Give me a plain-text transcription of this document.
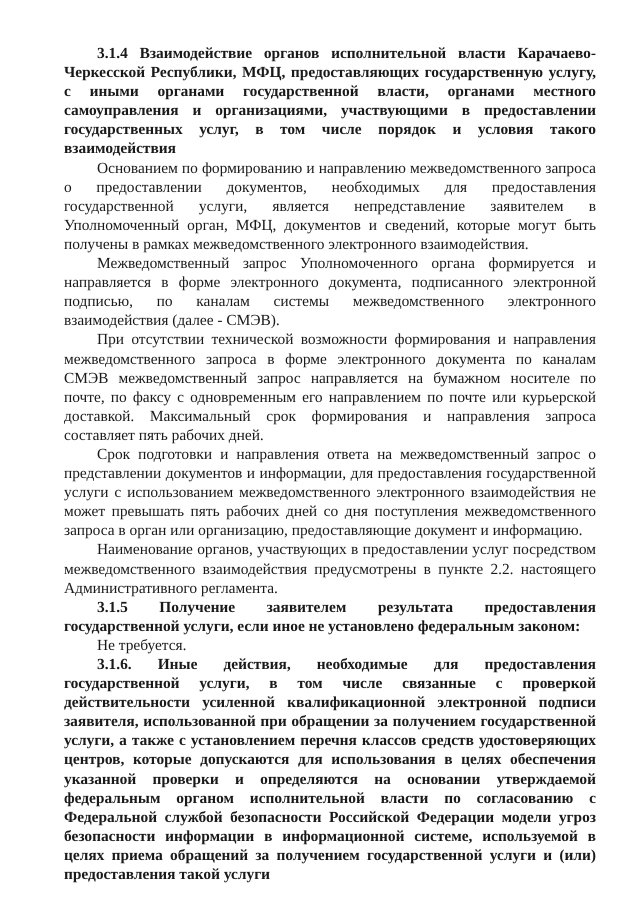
3.1.4 Взаимодействие органов исполнительной власти Карачаево-Черкесской Республики, МФЦ, предоставляющих государственную услугу, с иными органами государственной власти, органами местного самоуправления и организациями, участвующими в предоставлении государственных услуг, в том числе порядок и условия такого взаимодействия

Основанием по формированию и направлению межведомственного запроса о предоставлении документов, необходимых для предоставления государственной услуги, является непредставление заявителем в Уполномоченный орган, МФЦ, документов и сведений, которые могут быть получены в рамках межведомственного электронного взаимодействия.

Межведомственный запрос Уполномоченного органа формируется и направляется в форме электронного документа, подписанного электронной подписью, по каналам системы межведомственного электронного взаимодействия (далее - СМЭВ).

При отсутствии технической возможности формирования и направления межведомственного запроса в форме электронного документа по каналам СМЭВ межведомственный запрос направляется на бумажном носителе по почте, по факсу с одновременным его направлением по почте или курьерской доставкой. Максимальный срок формирования и направления запроса составляет пять рабочих дней.

Срок подготовки и направления ответа на межведомственный запрос о представлении документов и информации, для предоставления государственной услуги с использованием межведомственного электронного взаимодействия не может превышать пять рабочих дней со дня поступления межведомственного запроса в орган или организацию, предоставляющие документ и информацию.

Наименование органов, участвующих в предоставлении услуг посредством межведомственного взаимодействия предусмотрены в пункте 2.2. настоящего Административного регламента.

3.1.5 Получение заявителем результата предоставления государственной услуги, если иное не установлено федеральным законом:

Не требуется.

3.1.6. Иные действия, необходимые для предоставления государственной услуги, в том числе связанные с проверкой действительности усиленной квалификационной электронной подписи заявителя, использованной при обращении за получением государственной услуги, а также с установлением перечня классов средств удостоверяющих центров, которые допускаются для использования в целях обеспечения указанной проверки и определяются на основании утверждаемой федеральным органом исполнительной власти по согласованию с Федеральной службой безопасности Российской Федерации модели угроз безопасности информации в информационной системе, используемой в целях приема обращений за получением государственной услуги и (или) предоставления такой услуги
